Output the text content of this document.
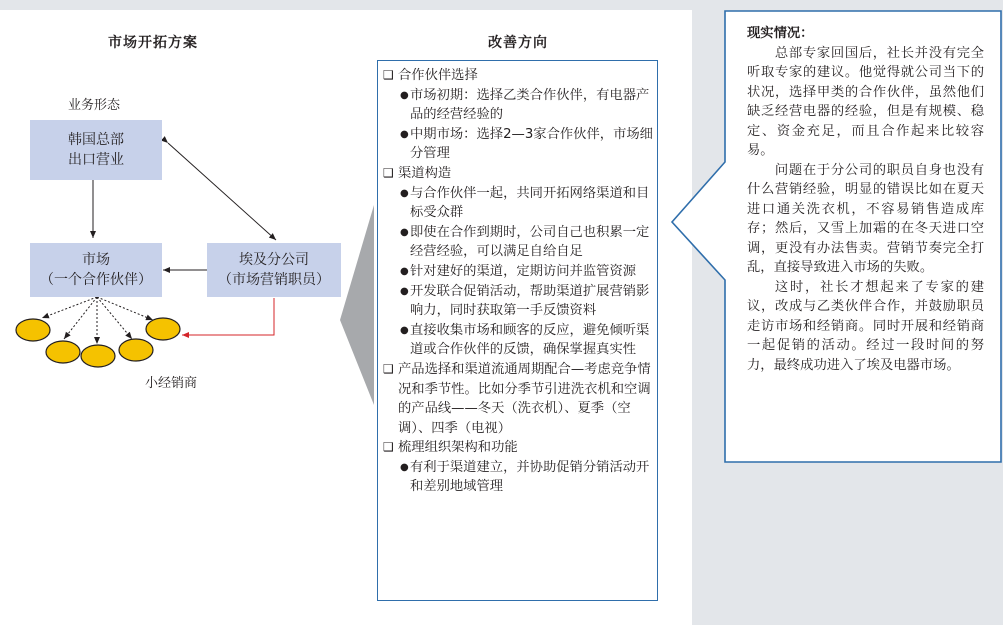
市场开拓方案
业务形态
韩国总部
出口营业
市场
（一个合作伙伴）
埃及分公司
（市场营销职员）
小经销商
改善方向
❑ 合作伙伴选择
● 市场初期：选择乙类合作伙伴，有电器产品的经营经验的
● 中期市场：选择2—3家合作伙伴，市场细分管理
❑ 渠道构造
● 与合作伙伴一起，共同开拓网络渠道和目标受众群
● 即使在合作到期时，公司自己也积累一定经营经验，可以满足自给自足
● 针对建好的渠道，定期访问并监管资源
● 开发联合促销活动，帮助渠道扩展营销影响力，同时获取第一手反馈资料
● 直接收集市场和顾客的反应，避免倾听渠道或合作伙伴的反馈，确保掌握真实性
❑ 产品选择和渠道流通周期配合—考虑竞争情况和季节性。比如分季节引进洗衣机和空调的产品线——冬天（洗衣机）、夏季（空调）、四季（电视）
❑ 梳理组织架构和功能
● 有利于渠道建立，并协助促销分销活动开和差别地域管理
现实情况：

总部专家回国后，社长并没有完全听取专家的建议。他觉得就公司当下的状况，选择甲类的合作伙伴，虽然他们缺乏经营电器的经验，但是有规模、稳定、资金充足，而且合作起来比较容易。

问题在于分公司的职员自身也没有什么营销经验，明显的错误比如在夏天进口通关洗衣机，不容易销售造成库存；然后，又雪上加霜的在冬天进口空调，更没有办法售卖。营销节奏完全打乱，直接导致进入市场的失败。

这时，社长才想起来了专家的建议，改成与乙类伙伴合作，并鼓励职员走访市场和经销商。同时开展和经销商一起促销的活动。经过一段时间的努力，最终成功进入了埃及电器市场。
